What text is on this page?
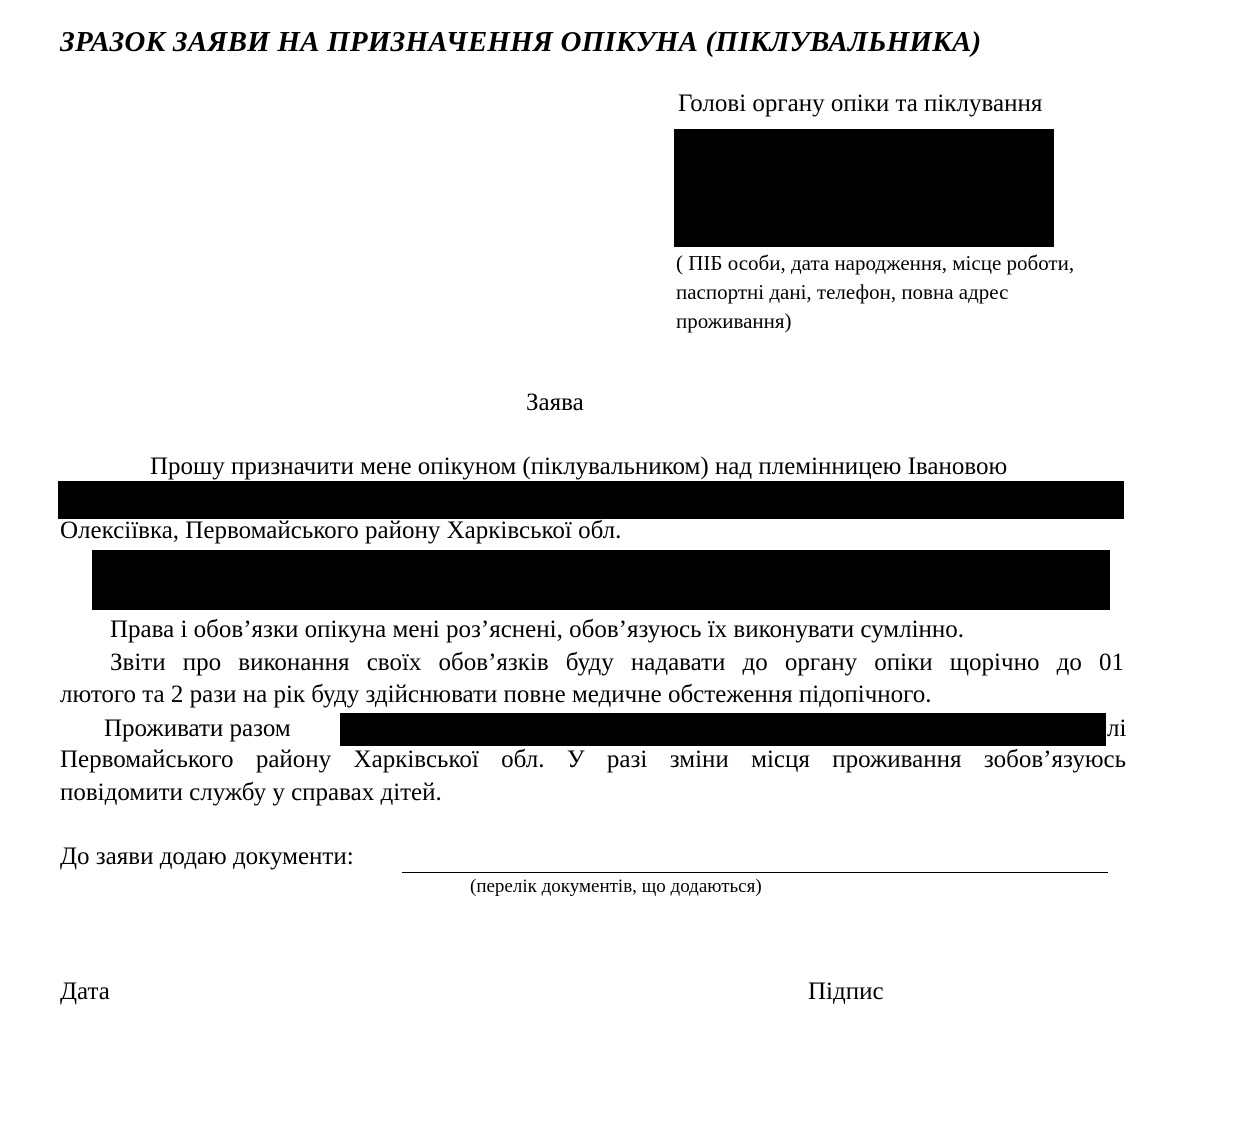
ЗРАЗОК ЗАЯВИ НА ПРИЗНАЧЕННЯ ОПІКУНА (ПІКЛУВАЛЬНИКА)
Голові органу опіки та піклування
( ПІБ особи, дата народження, місце роботи, паспортні дані, телефон, повна адрес проживання)
Заява
Прошу призначити мене опікуном (піклувальником) над племінницею Івановою
Олексіївка, Первомайського району Харківської обл.
Права і обов’язки опікуна мені роз’яснені, обов’язуюсь їх виконувати сумлінно.
Звіти про виконання своїх обов’язків буду надавати до органу опіки щорічно до 01
лютого та 2 рази на рік буду здійснювати повне медичне обстеження підопічного.
Проживати разом	лі
Первомайського району Харківської обл. У разі зміни місця проживання зобов’язуюсь
повідомити службу у справах дітей.
До заяви додаю документи:
(перелік документів, що додаються)
Дата	Підпис
